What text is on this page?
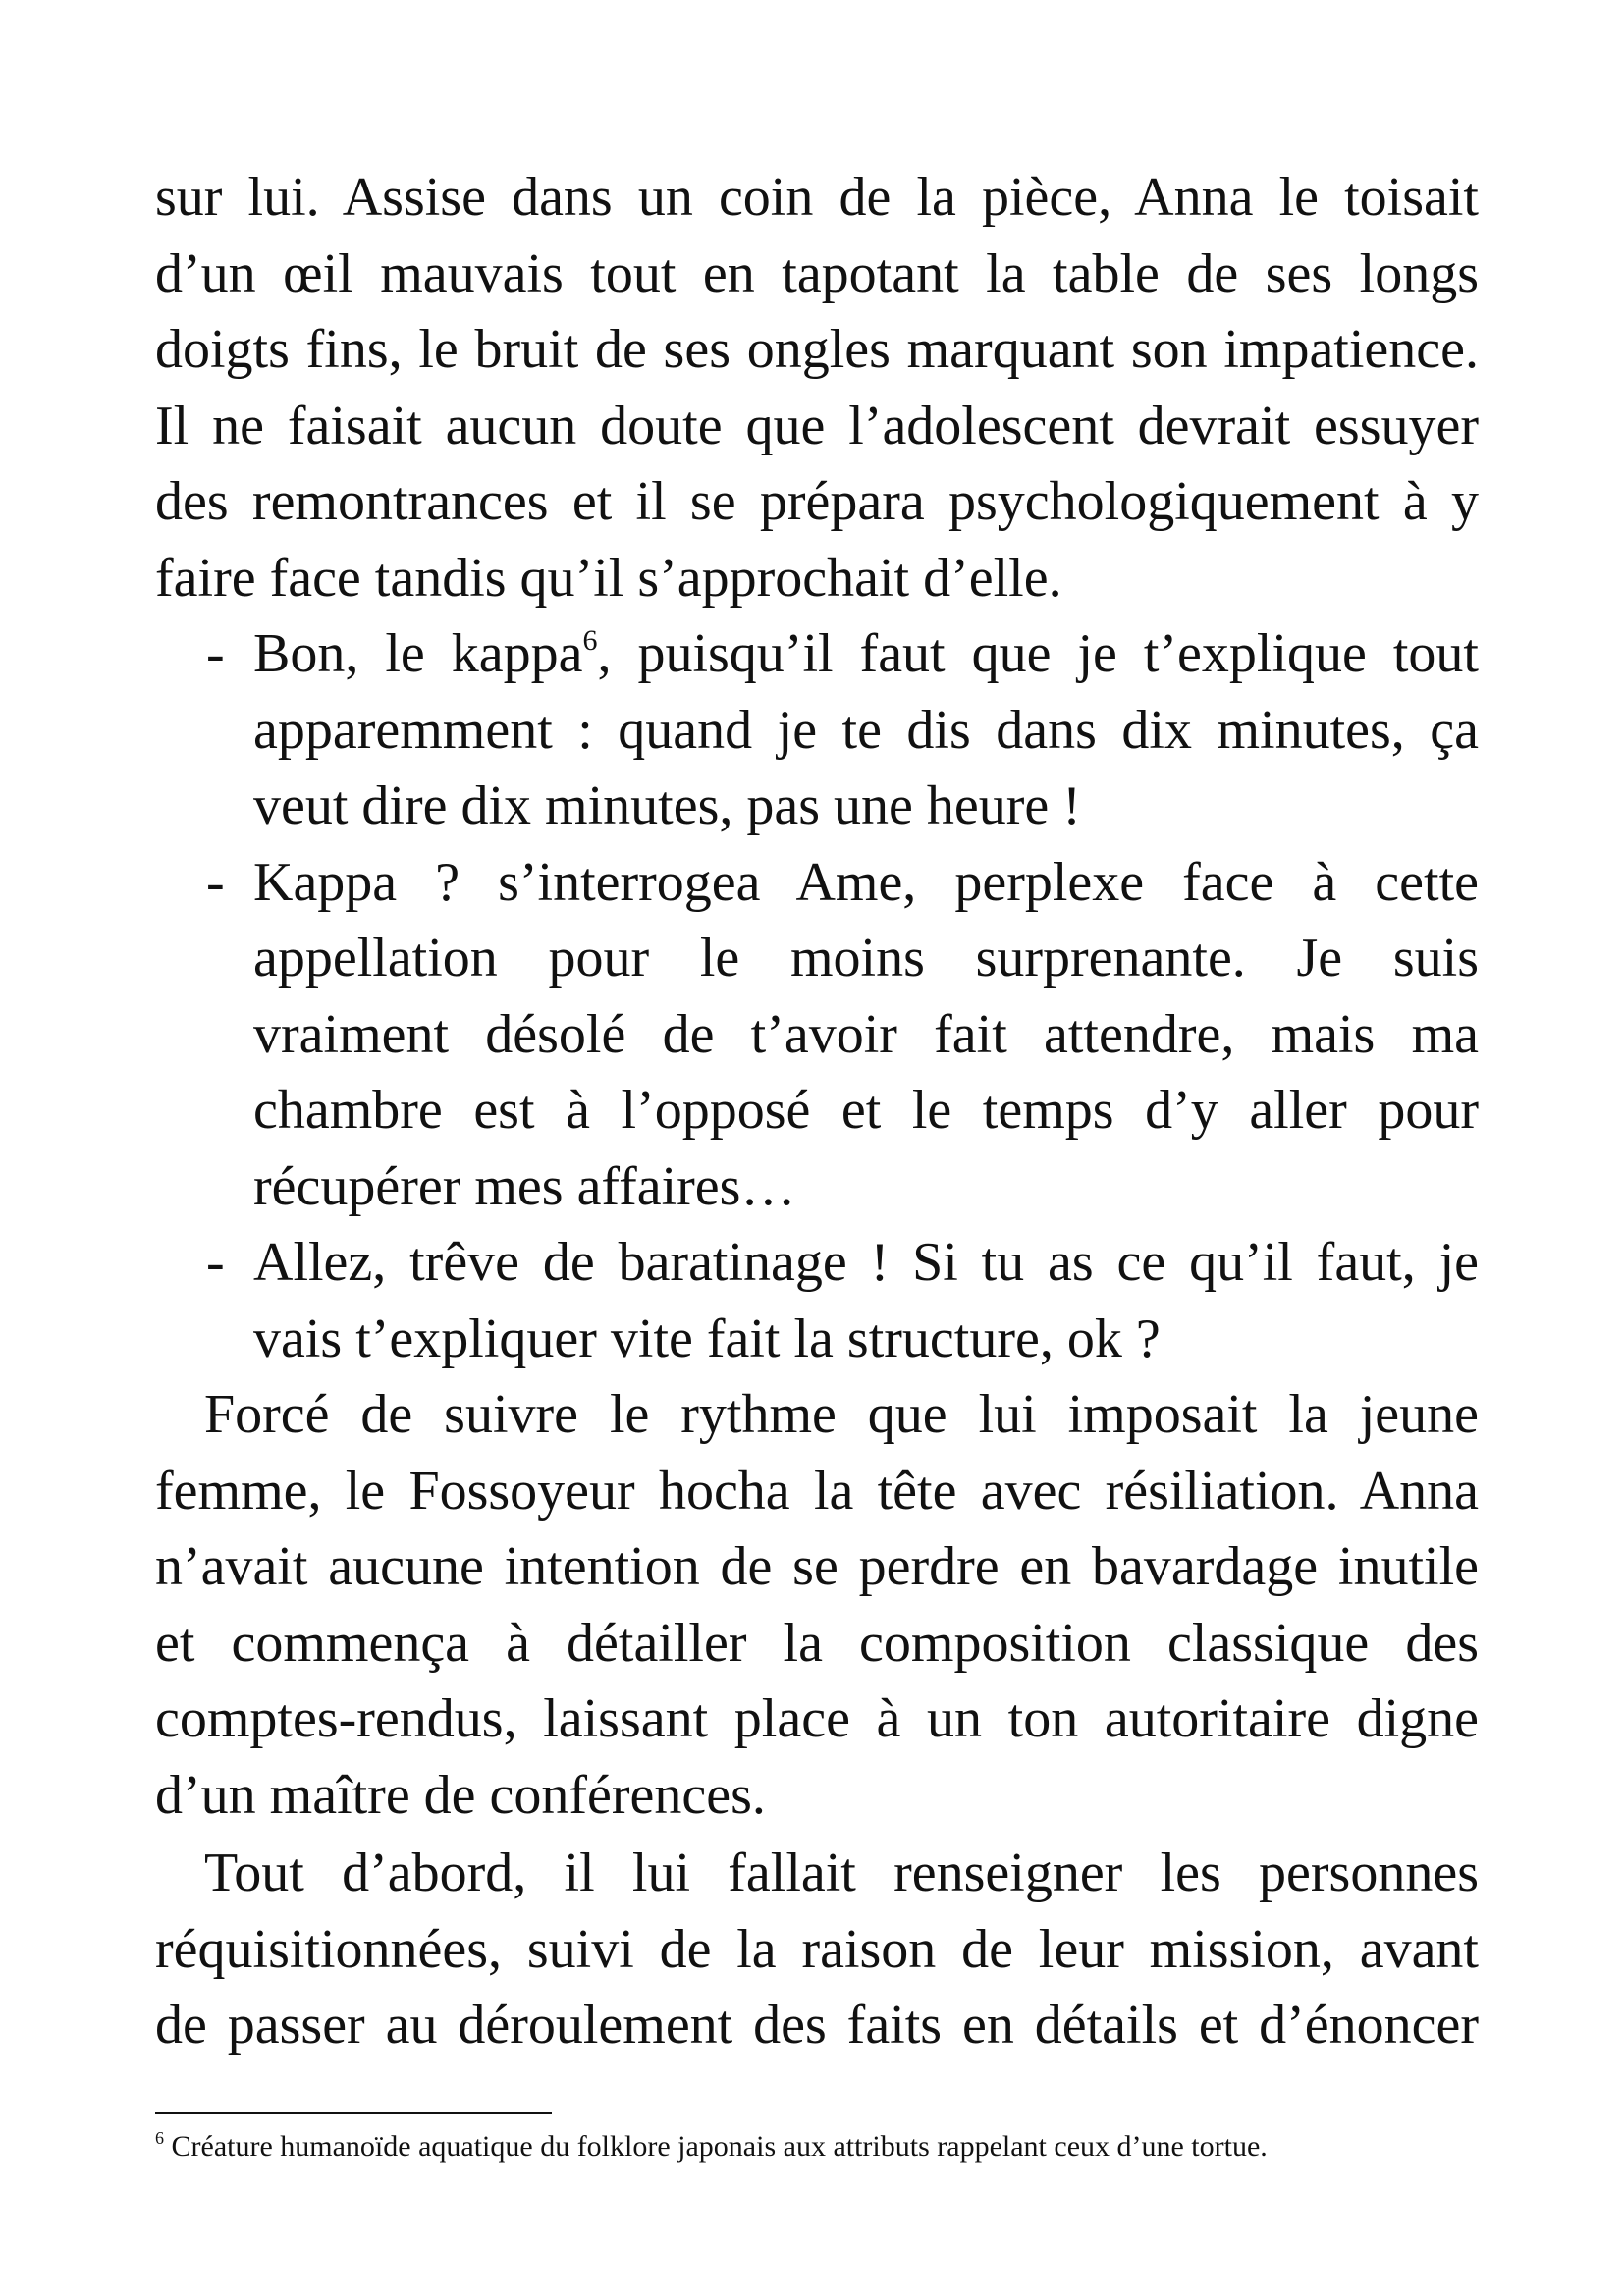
sur lui. Assise dans un coin de la pièce, Anna le toisait
d’un œil mauvais tout en tapotant la table de ses longs
doigts fins, le bruit de ses ongles marquant son impatience.
Il ne faisait aucun doute que l’adolescent devrait essuyer
des remontrances et il se prépara psychologiquement à y
faire face tandis qu’il s’approchait d’elle.
- Bon, le kappa$^6$, puisqu’il faut que je t’explique tout
apparemment : quand je te dis dans dix minutes, ça
veut dire dix minutes, pas une heure !
- Kappa ? s’interrogea Ame, perplexe face à cette
appellation pour le moins surprenante. Je suis
vraiment désolé de t’avoir fait attendre, mais ma
chambre est à l’opposé et le temps d’y aller pour
récupérer mes affaires…
- Allez, trêve de baratinage ! Si tu as ce qu’il faut, je
vais t’expliquer vite fait la structure, ok ?
Forcé de suivre le rythme que lui imposait la jeune
femme, le Fossoyeur hocha la tête avec résiliation. Anna
n’avait aucune intention de se perdre en bavardage inutile
et commença à détailler la composition classique des
comptes-rendus, laissant place à un ton autoritaire digne
d’un maître de conférences.
Tout d’abord, il lui fallait renseigner les personnes
réquisitionnées, suivi de la raison de leur mission, avant
de passer au déroulement des faits en détails et d’énoncer
$^6$ Créature humanoïde aquatique du folklore japonais aux attributs rappelant ceux d’une tortue.
